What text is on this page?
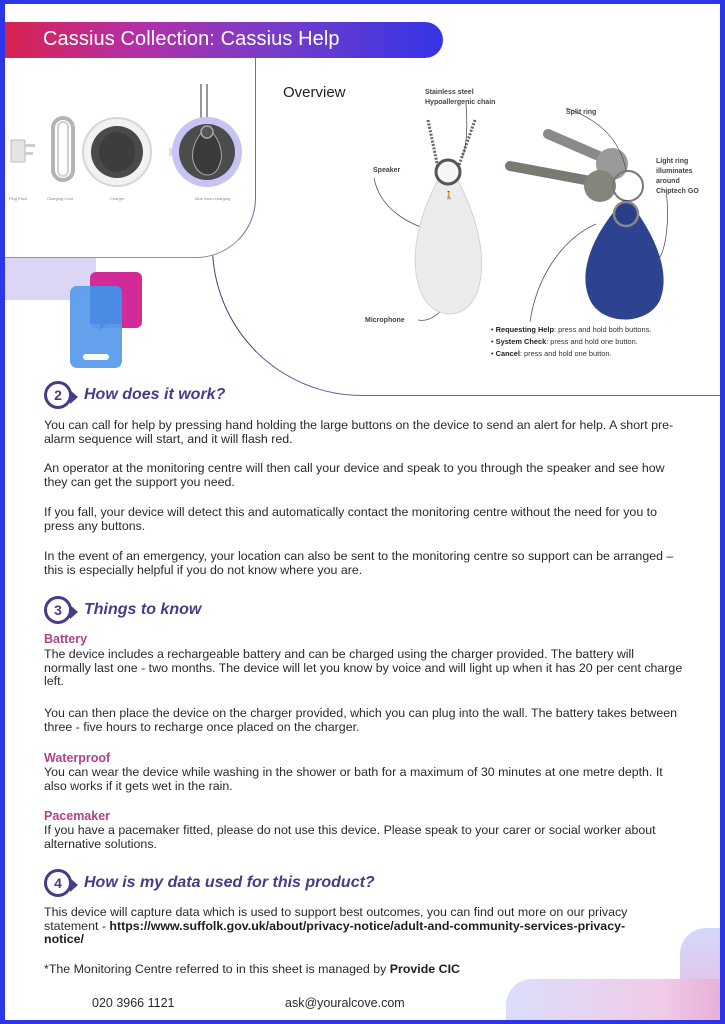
Cassius Collection: Cassius Help
Plug Pack	Charging Cord	Charger	Blue when charging
Overview	Stainless steel
Hypoallergenic chain
Split ring
Speaker
Light ring
illuminates
around
Chiptech GO
Microphone
🚶
• Requesting Help: press and hold both buttons.
• System Check: press and hold one button.
• Cancel: press and hold one button.
2	How does it work?

You can call for help by pressing hand holding the large buttons on the device to send an alert for help. A short pre-alarm sequence will start, and it will flash red.

An operator at the monitoring centre will then call your device and speak to you through the speaker and see how they can get the support you need.

If you fall, your device will detect this and automatically contact the monitoring centre without the need for you to press any buttons.

In the event of an emergency, your location can also be sent to the monitoring centre so support can be arranged – this is especially helpful if you do not know where you are.

3	Things to know
Battery

The device includes a rechargeable battery and can be charged using the charger provided. The battery will normally last one - two months. The device will let you know by voice and will light up when it has 20 per cent charge left.

You can then place the device on the charger provided, which you can plug into the wall. The battery takes between three - five hours to recharge once placed on the charger.

Waterproof

You can wear the device while washing in the shower or bath for a maximum of 30 minutes at one metre depth. It also works if it gets wet in the rain.

Pacemaker

If you have a pacemaker fitted, please do not use this device. Please speak to your carer or social worker about alternative solutions.

4	How is my data used for this product?

This device will capture data which is used to support best outcomes, you can find out more on our privacy statement - https://www.suffolk.gov.uk/about/privacy-notice/adult-and-community-services-privacy-notice/

*The Monitoring Centre referred to in this sheet is managed by Provide CIC

020 3966 1121	ask@youralcove.com
